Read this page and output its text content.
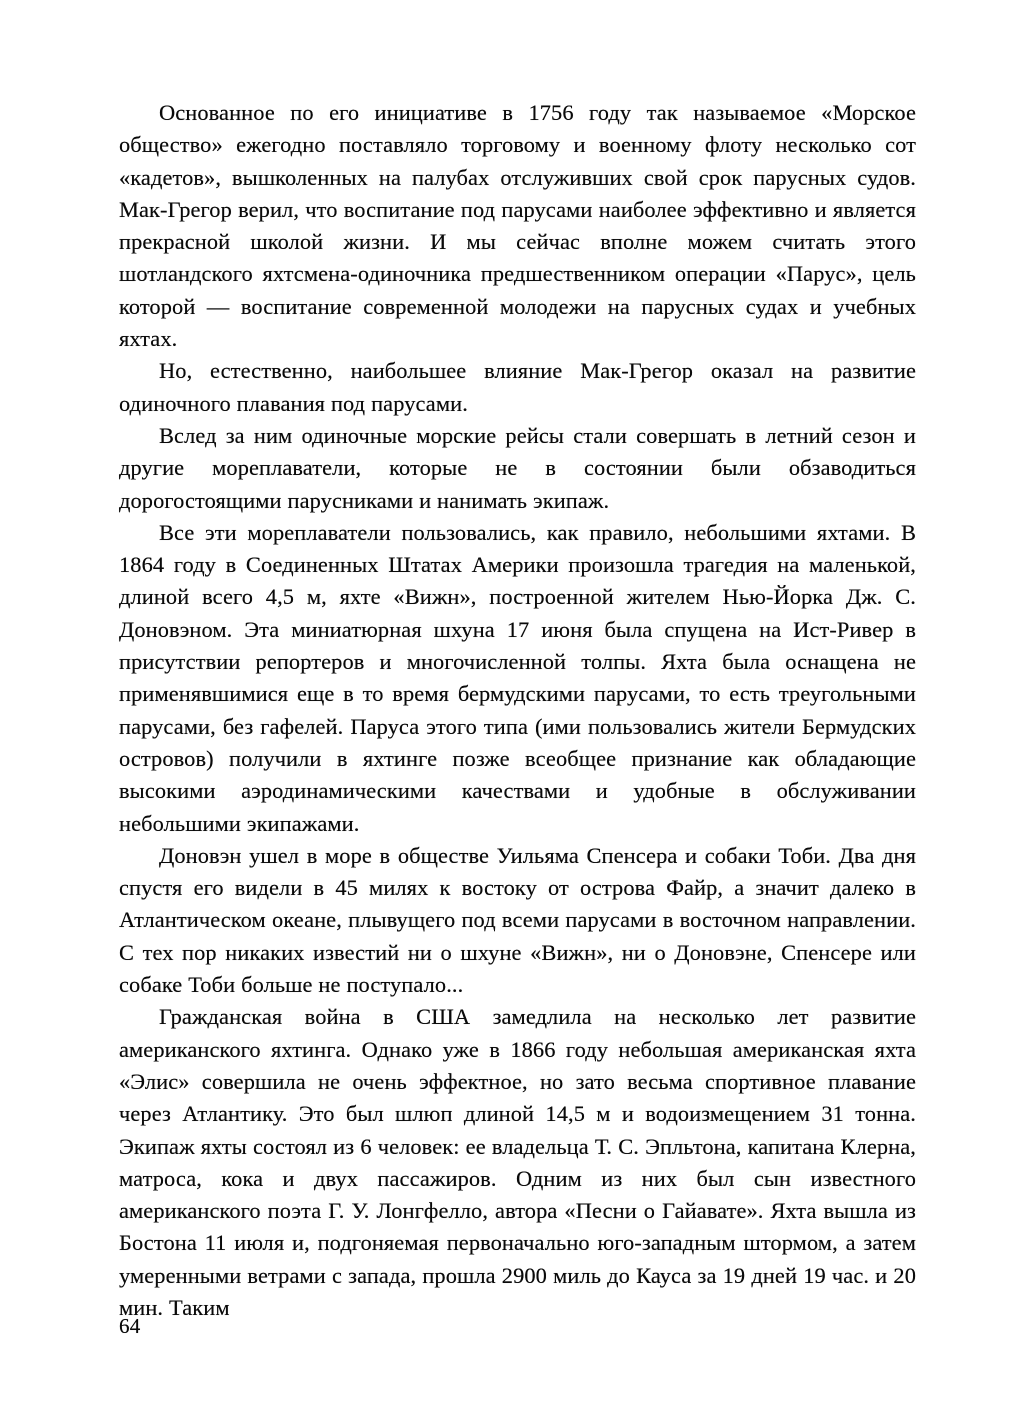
Основанное по его инициативе в 1756 году так называемое «Морское общество» ежегодно поставляло торговому и военному флоту несколько сот «кадетов», вышколенных на палубах отслуживших свой срок парусных судов. Мак-Грегор верил, что воспитание под парусами наиболее эффективно и является прекрасной школой жизни. И мы сейчас вполне можем считать этого шотландского яхтсмена-одиночника предшественником операции «Парус», цель которой — воспитание современной молодежи на парусных судах и учебных яхтах.

Но, естественно, наибольшее влияние Мак-Грегор оказал на развитие одиночного плавания под парусами.

Вслед за ним одиночные морские рейсы стали совершать в летний сезон и другие мореплаватели, которые не в состоянии были обзаводиться дорогостоящими парусниками и нанимать экипаж.

Все эти мореплаватели пользовались, как правило, небольшими яхтами. В 1864 году в Соединенных Штатах Америки произошла трагедия на маленькой, длиной всего 4,5 м, яхте «Вижн», построенной жителем Нью-Йорка Дж. С. Доновэном. Эта миниатюрная шхуна 17 июня была спущена на Ист-Ривер в присутствии репортеров и многочисленной толпы. Яхта была оснащена не применявшимися еще в то время бермудскими парусами, то есть треугольными парусами, без гафелей. Паруса этого типа (ими пользовались жители Бермудских островов) получили в яхтинге позже всеобщее признание как обладающие высокими аэродинамическими качествами и удобные в обслуживании небольшими экипажами.

Доновэн ушел в море в обществе Уильяма Спенсера и собаки Тоби. Два дня спустя его видели в 45 милях к востоку от острова Файр, а значит далеко в Атлантическом океане, плывущего под всеми парусами в восточном направлении. С тех пор никаких известий ни о шхуне «Вижн», ни о Доновэне, Спенсере или собаке Тоби больше не поступало...

Гражданская война в США замедлила на несколько лет развитие американского яхтинга. Однако уже в 1866 году небольшая американская яхта «Элис» совершила не очень эффектное, но зато весьма спортивное плавание через Атлантику. Это был шлюп длиной 14,5 м и водоизмещением 31 тонна. Экипаж яхты состоял из 6 человек: ее владельца Т. С. Эпльтона, капитана Клерна, матроса, кока и двух пассажиров. Одним из них был сын известного американского поэта Г. У. Лонгфелло, автора «Песни о Гайавате». Яхта вышла из Бостона 11 июля и, подгоняемая первоначально юго-западным штормом, а затем умеренными ветрами с запада, прошла 2900 миль до Кауса за 19 дней 19 час. и 20 мин. Таким

64
